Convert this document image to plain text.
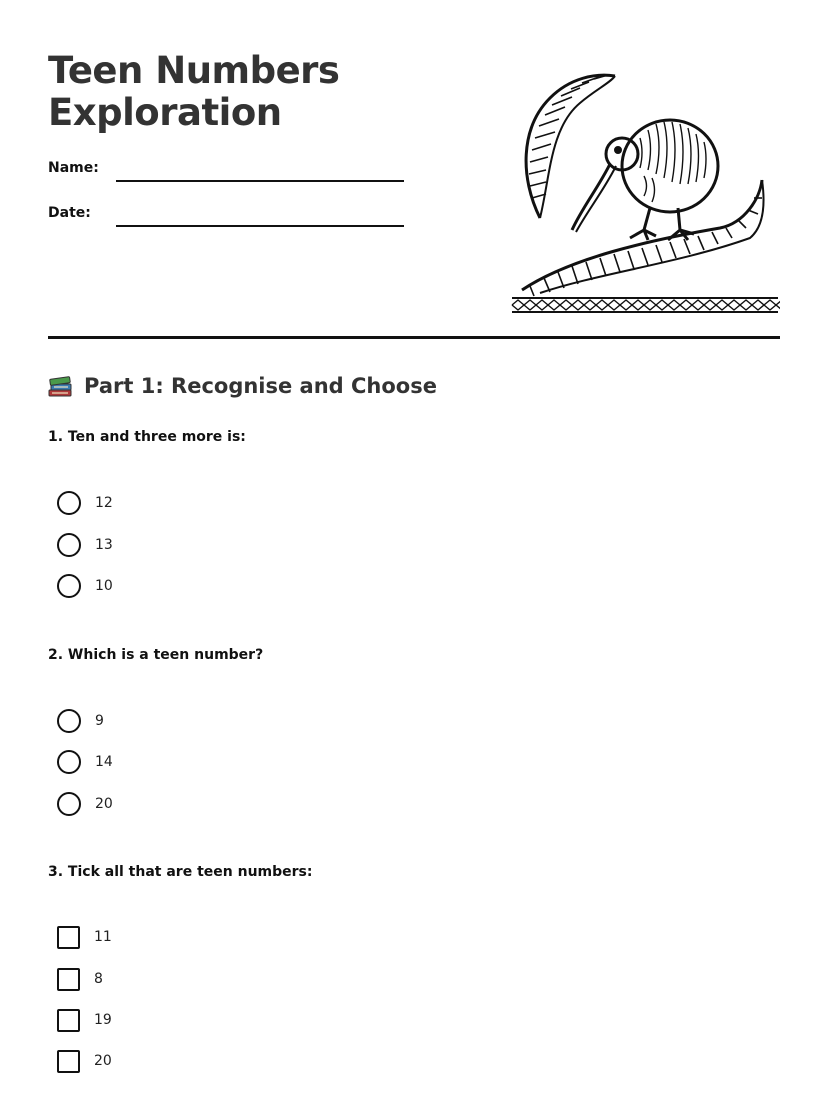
Teen Numbers Exploration
Name:
Date:
Part 1: Recognise and Choose
1. Ten and three more is:
12
13
10
2. Which is a teen number?
9
14
20
3. Tick all that are teen numbers:
11
8
19
20
